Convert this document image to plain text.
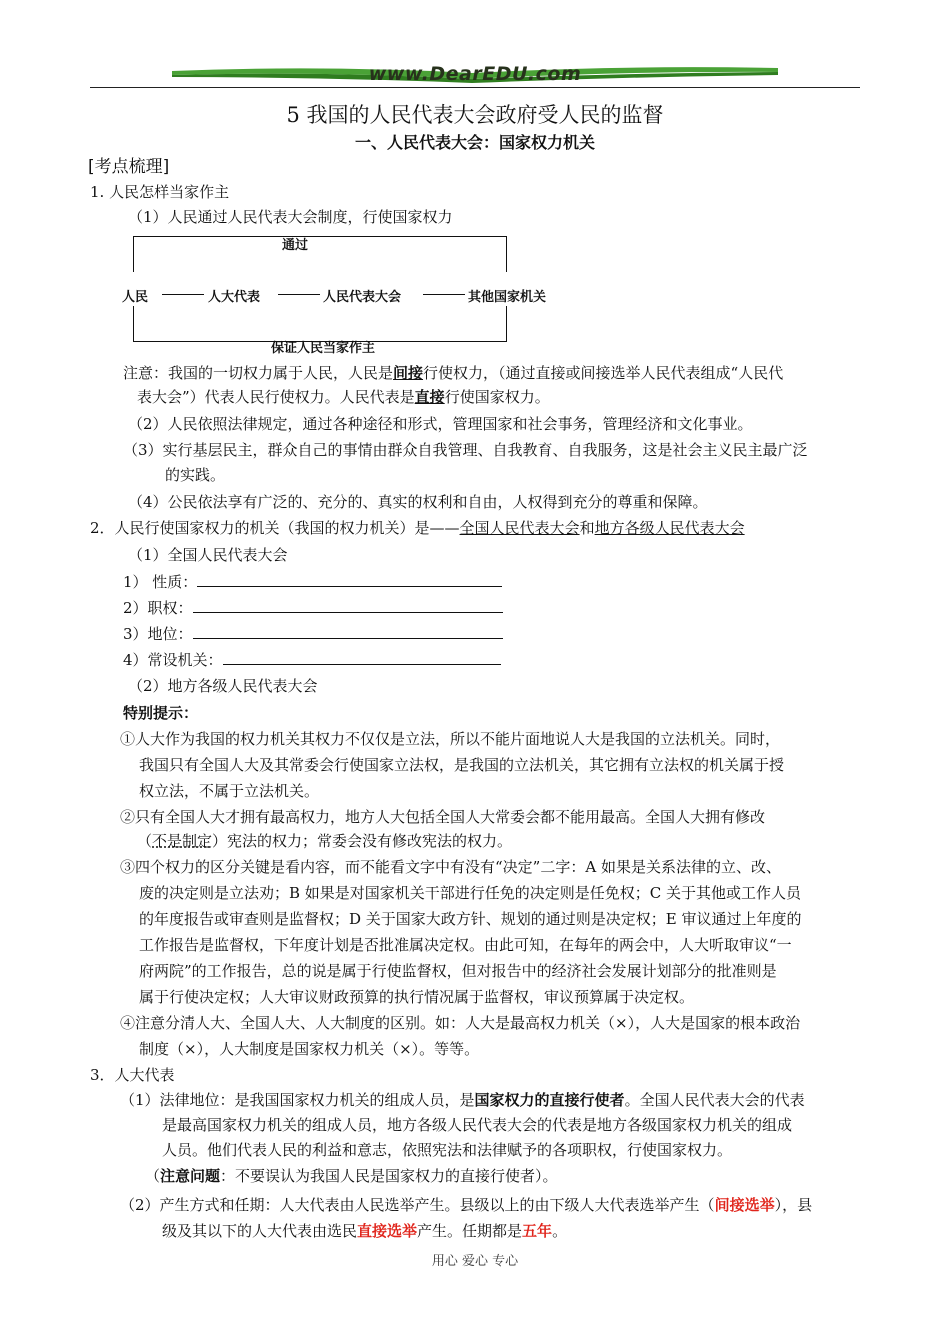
www.DearEDU.com
5 我国的人民代表大会政府受人民的监督
一、人民代表大会：国家权力机关
[考点梳理]
1. 人民怎样当家作主
（1）人民通过人民代表大会制度，行使国家权力
通过
人民	人大代表	人民代表大会	其他国家机关
保证人民当家作主
注意：我国的一切权力属于人民，人民是间接行使权力，（通过直接或间接选举人民代表组成“人民代
表大会”）代表人民行使权力。人民代表是直接行使国家权力。
（2）人民依照法律规定，通过各种途径和形式，管理国家和社会事务，管理经济和文化事业。
（3）实行基层民主，群众自己的事情由群众自我管理、自我教育、自我服务，这是社会主义民主最广泛
的实践。
（4）公民依法享有广泛的、充分的、真实的权利和自由，人权得到充分的尊重和保障。
2．人民行使国家权力的机关（我国的权力机关）是——全国人民代表大会和地方各级人民代表大会
（1）全国人民代表大会
1） 性质：
2）职权：
3）地位：
4）常设机关：
（2）地方各级人民代表大会
特别提示：
①人大作为我国的权力机关其权力不仅仅是立法，所以不能片面地说人大是我国的立法机关。同时，
我国只有全国人大及其常委会行使国家立法权，是我国的立法机关，其它拥有立法权的机关属于授
权立法，不属于立法机关。
②只有全国人大才拥有最高权力，地方人大包括全国人大常委会都不能用最高。全国人大拥有修改
（不是制定）宪法的权力；常委会没有修改宪法的权力。
③四个权力的区分关键是看内容，而不能看文字中有没有“决定”二字：A 如果是关系法律的立、改、
废的决定则是立法劝；B 如果是对国家机关干部进行任免的决定则是任免权；C 关于其他或工作人员
的年度报告或审查则是监督权；D 关于国家大政方针、规划的通过则是决定权；E 审议通过上年度的
工作报告是监督权，下年度计划是否批准属决定权。由此可知，在每年的两会中，人大听取审议“一
府两院”的工作报告，总的说是属于行使监督权，但对报告中的经济社会发展计划部分的批准则是
属于行使决定权；人大审议财政预算的执行情况属于监督权，审议预算属于决定权。
④注意分清人大、全国人大、人大制度的区别。如：人大是最高权力机关（×），人大是国家的根本政治
制度（×），人大制度是国家权力机关（×）。等等。
3．人大代表
（1）法律地位：是我国国家权力机关的组成人员，是国家权力的直接行使者。全国人民代表大会的代表
是最高国家权力机关的组成人员，地方各级人民代表大会的代表是地方各级国家权力机关的组成
人员。他们代表人民的利益和意志，依照宪法和法律赋予的各项职权，行使国家权力。
（注意问题：不要误认为我国人民是国家权力的直接行使者）。
（2）产生方式和任期：人大代表由人民选举产生。县级以上的由下级人大代表选举产生（间接选举），县
级及其以下的人大代表由选民直接选举产生。任期都是五年。
用心 爱心 专心
